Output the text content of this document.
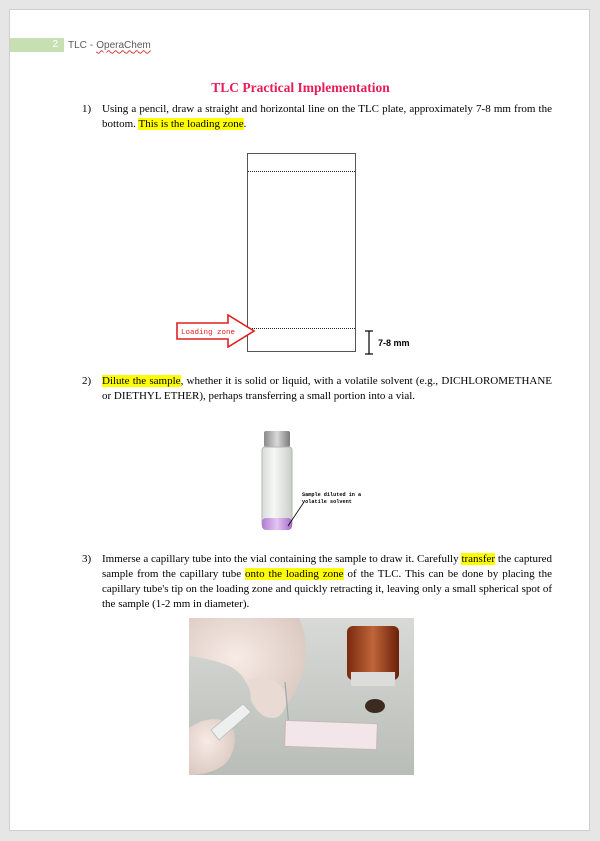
2	TLC - OperaChem
TLC Practical Implementation
1) Using a pencil, draw a straight and horizontal line on the TLC plate, approximately 7-8 mm from the bottom. This is the loading zone.
Loading zone
7-8 mm
2) Dilute the sample, whether it is solid or liquid, with a volatile solvent (e.g., DICHLOROMETHANE or DIETHYL ETHER), perhaps transferring a small portion into a vial.
Sample diluted in a
volatile solvent
3) Immerse a capillary tube into the vial containing the sample to draw it. Carefully transfer the captured sample from the capillary tube onto the loading zone of the TLC. This can be done by placing the capillary tube's tip on the loading zone and quickly retracting it, leaving only a small spherical spot of the sample (1-2 mm in diameter).
